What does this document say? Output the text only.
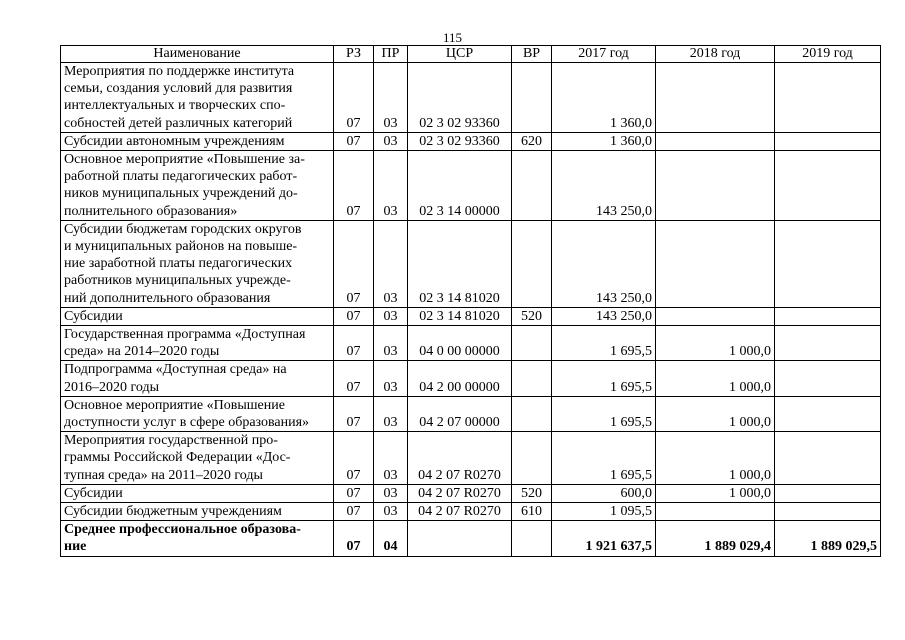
115
Наименование	РЗ	ПР	ЦСР	ВР	2017 год	2018 год	2019 год
Мероприятия по поддержке института
семьи, создания условий для развития
интеллектуальных и творческих спо-
собностей детей различных категорий	07	03	02 3 02 93360		1 360,0		
Субсидии автономным учреждениям	07	03	02 3 02 93360	620	1 360,0		
Основное мероприятие «Повышение за-
работной платы педагогических работ-
ников муниципальных учреждений до-
полнительного образования»	07	03	02 3 14 00000		143 250,0		
Субсидии бюджетам городских округов
и муниципальных районов на повыше-
ние заработной платы педагогических
работников муниципальных учрежде-
ний дополнительного образования	07	03	02 3 14 81020		143 250,0		
Субсидии	07	03	02 3 14 81020	520	143 250,0		
Государственная программа «Доступная
среда» на 2014–2020 годы	07	03	04 0 00 00000		1 695,5	1 000,0	
Подпрограмма «Доступная среда» на
2016–2020 годы	07	03	04 2 00 00000		1 695,5	1 000,0	
Основное мероприятие «Повышение
доступности услуг в сфере образования»	07	03	04 2 07 00000		1 695,5	1 000,0	
Мероприятия государственной про-
граммы Российской Федерации «Дос-
тупная среда» на 2011–2020 годы	07	03	04 2 07 R0270		1 695,5	1 000,0	
Субсидии	07	03	04 2 07 R0270	520	600,0	1 000,0	
Субсидии бюджетным учреждениям	07	03	04 2 07 R0270	610	1 095,5		
Среднее профессиональное образова-
ние	07	04			1 921 637,5	1 889 029,4	1 889 029,5
